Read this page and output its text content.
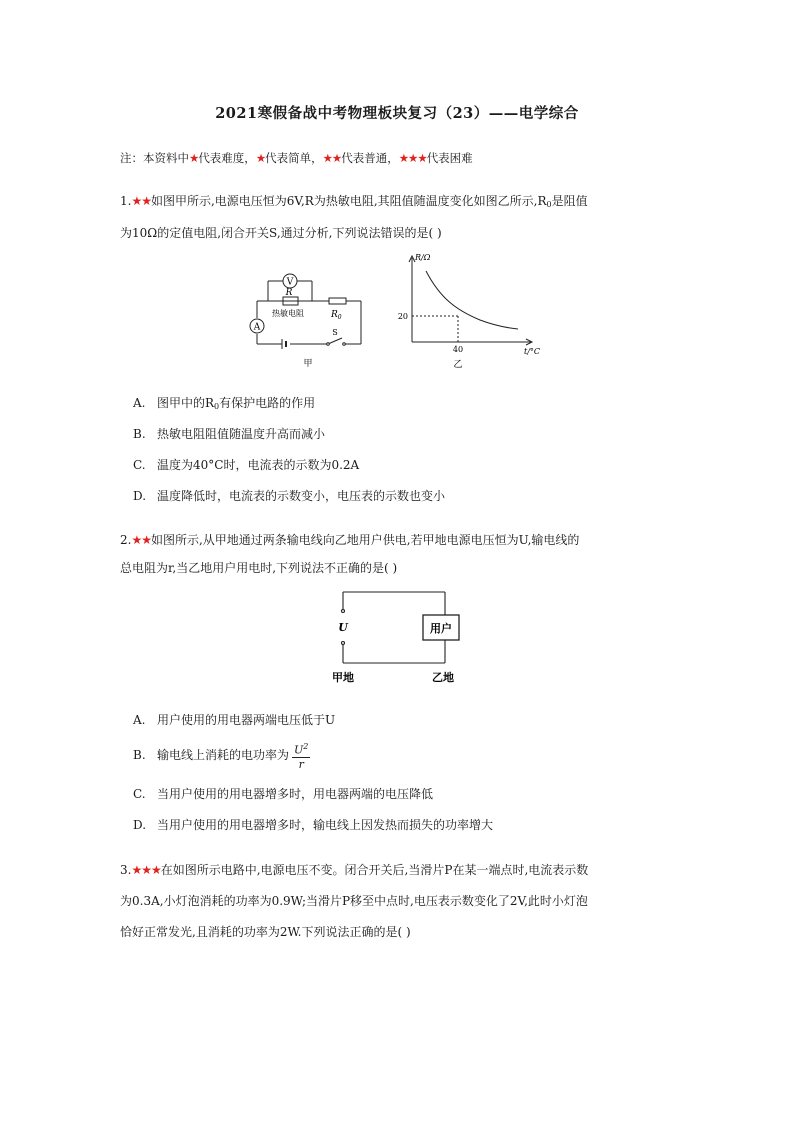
2021寒假备战中考物理板块复习（23）——电学综合
注：本资料中★代表难度，★代表简单，★★代表普通，★★★代表困难
1.★★如图甲所示,电源电压恒为6V,R为热敏电阻,其阻值随温度变化如图乙所示$,R_0$是阻值
为10Ω的定值电阻,闭合开关S,通过分析,下列说法错误的是( )
V
A
R
热敏电阻	$R_0$
S
甲
R/Ω
t/°C
20
40
乙
A. 图甲中的$R_0$有保护电路的作用
B. 热敏电阻阻值随温度升高而减小
C. 温度为40°C时，电流表的示数为0.2A
D. 温度降低时，电流表的示数变小，电压表的示数也变小
2.★★如图所示,从甲地通过两条输电线向乙地用户供电,若甲地电源电压恒为U,输电线的
总电阻为r,当乙地用户用电时,下列说法不正确的是( )
U	用户
甲地	乙地
A. 用户使用的用电器两端电压低于U
B. 输电线上消耗的电功率为 $\frac{U^2}{r}$
C. 当用户使用的用电器增多时，用电器两端的电压降低
D. 当用户使用的用电器增多时，输电线上因发热而损失的功率增大
3.★★★在如图所示电路中,电源电压不变。闭合开关后,当滑片P在某一端点时,电流表示数
为0.3A,小灯泡消耗的功率为0.9W;当滑片P移至中点时,电压表示数变化了2V,此时小灯泡
恰好正常发光,且消耗的功率为2W.下列说法正确的是( )
